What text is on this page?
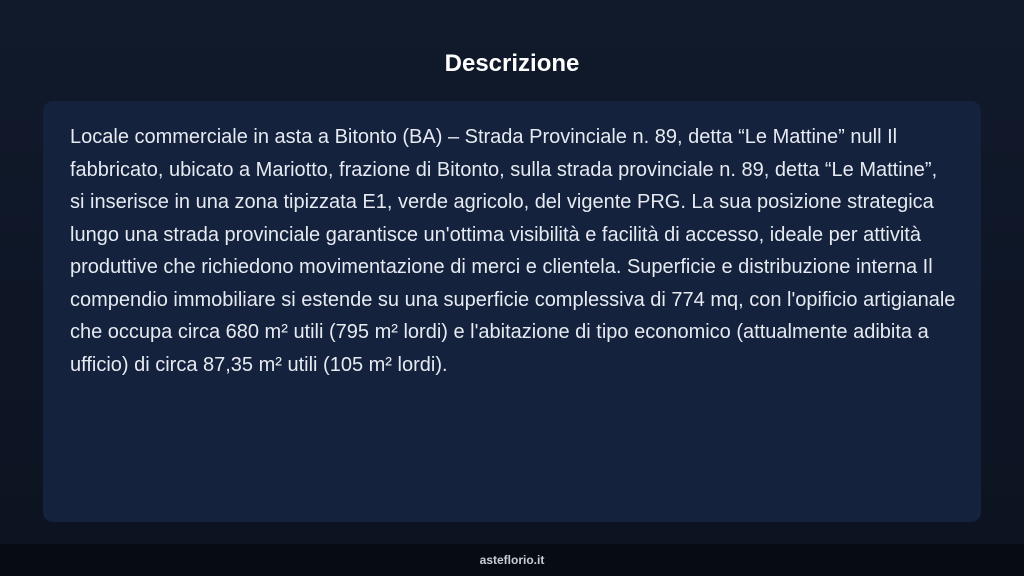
Descrizione

Locale commerciale in asta a Bitonto (BA) – Strada Provinciale n. 89, detta “Le Mattine” null Il fabbricato, ubicato a Mariotto, frazione di Bitonto, sulla strada provinciale n. 89, detta “Le Mattine”, si inserisce in una zona tipizzata E1, verde agricolo, del vigente PRG. La sua posizione strategica lungo una strada provinciale garantisce un'ottima visibilità e facilità di accesso, ideale per attività produttive che richiedono movimentazione di merci e clientela. Superficie e distribuzione interna Il compendio immobiliare si estende su una superficie complessiva di 774 mq, con l'opificio artigianale che occupa circa 680 m² utili (795 m² lordi) e l'abitazione di tipo economico (attualmente adibita a ufficio) di circa 87,35 m² utili (105 m² lordi).

asteflorio.it
